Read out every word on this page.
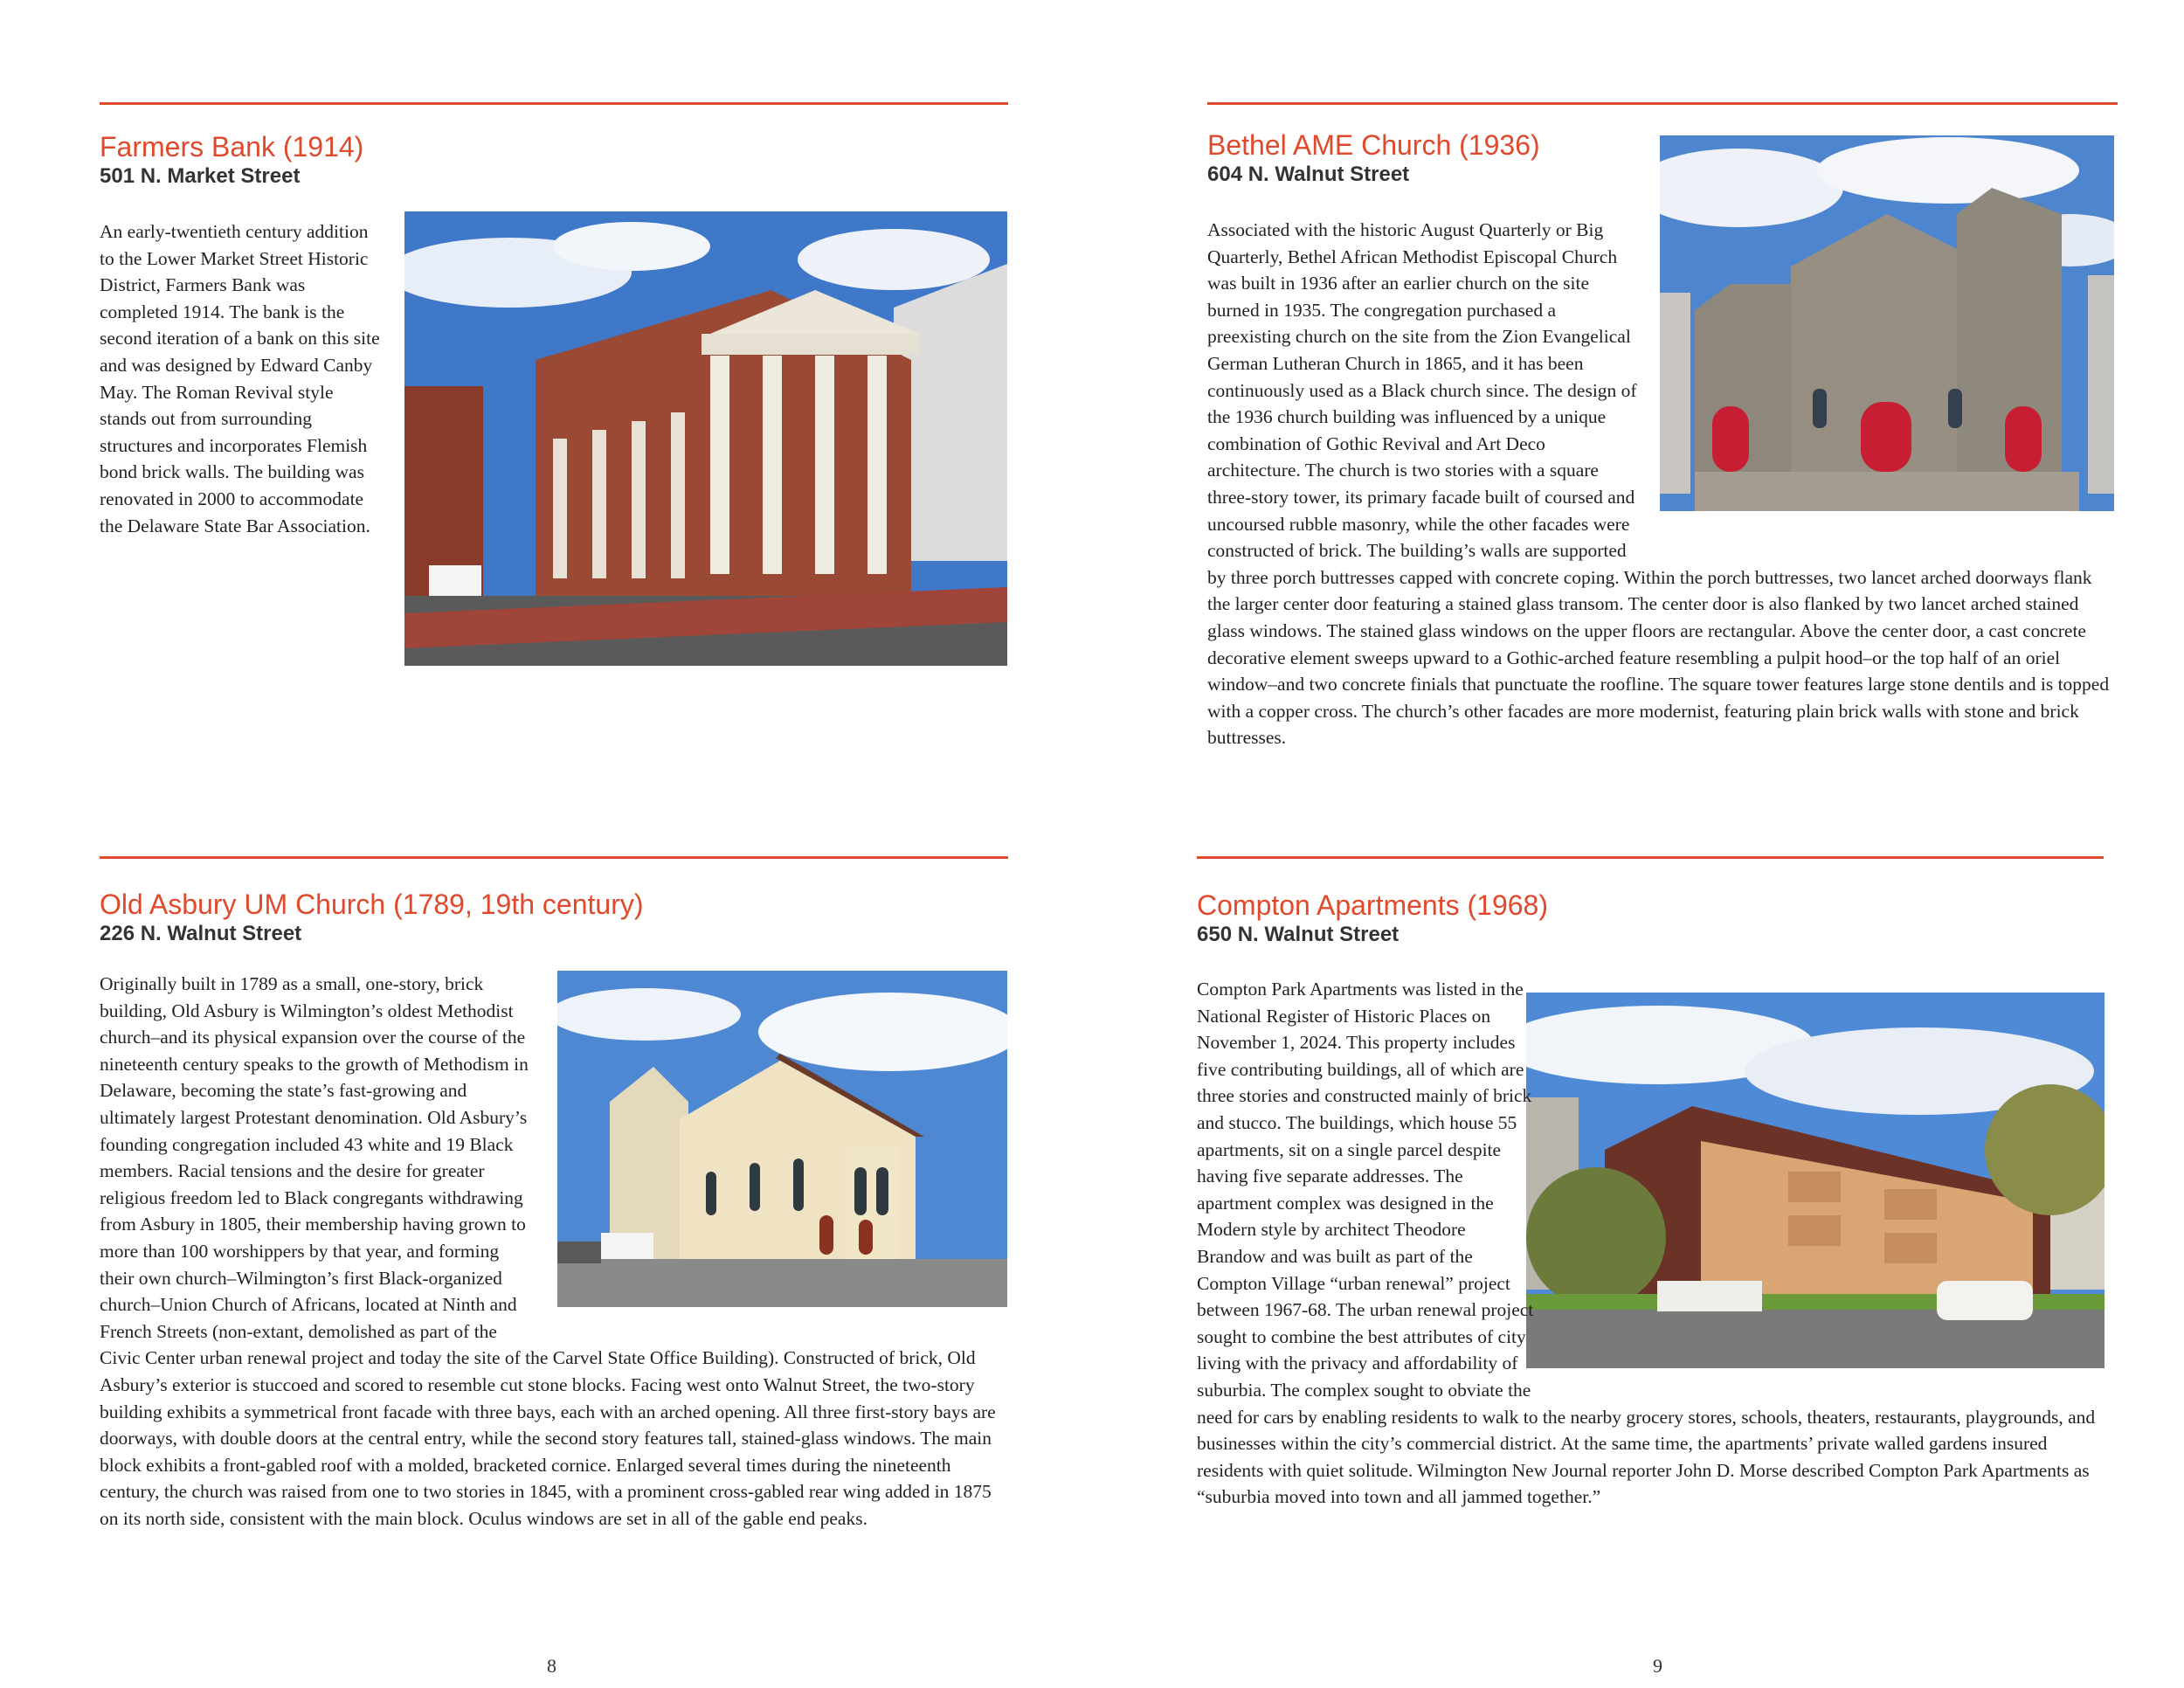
Farmers Bank (1914)
501 N. Market Street
An early-twentieth century addition to the Lower Market Street Historic District, Farmers Bank was completed 1914. The bank is the second iteration of a bank on this site and was designed by Edward Canby May. The Roman Revival style stands out from surrounding structures and incorporates Flemish bond brick walls. The building was renovated in 2000 to accommodate the Delaware State Bar Association.
Bethel AME Church (1936)
604 N. Walnut Street
Associated with the historic August Quarterly or Big Quarterly, Bethel African Methodist Episcopal Church was built in 1936 after an earlier church on the site burned in 1935. The congregation purchased a preexisting church on the site from the Zion Evangelical German Lutheran Church in 1865, and it has been continuously used as a Black church since. The design of the 1936 church building was influenced by a unique combination of Gothic Revival and Art Deco architecture. The church is two stories with a square three-story tower, its primary facade built of coursed and uncoursed rubble masonry, while the other facades were constructed of brick. The building’s walls are supported by three porch buttresses capped with concrete coping. Within the porch buttresses, two lancet arched doorways flank the larger center door featuring a stained glass transom. The center door is also flanked by two lancet arched stained glass windows. The stained glass windows on the upper floors are rectangular. Above the center door, a cast concrete decorative element sweeps upward to a Gothic-arched feature resembling a pulpit hood–or the top half of an oriel window–and two concrete finials that punctuate the roofline. The square tower features large stone dentils and is topped with a copper cross. The church’s other facades are more modernist, featuring plain brick walls with stone and brick buttresses.
Old Asbury UM Church (1789, 19th century)
226 N. Walnut Street
Originally built in 1789 as a small, one-story, brick building, Old Asbury is Wilmington’s oldest Methodist church–and its physical expansion over the course of the nineteenth century speaks to the growth of Methodism in Delaware, becoming the state’s fast-growing and ultimately largest Protestant denomination. Old Asbury’s founding congregation included 43 white and 19 Black members. Racial tensions and the desire for greater religious freedom led to Black congregants withdrawing from Asbury in 1805, their membership having grown to more than 100 worshippers by that year, and forming their own church–Wilmington’s first Black-organized church–Union Church of Africans, located at Ninth and French Streets (non-extant, demolished as part of the Civic Center urban renewal project and today the site of the Carvel State Office Building). Constructed of brick, Old Asbury’s exterior is stuccoed and scored to resemble cut stone blocks. Facing west onto Walnut Street, the two-story building exhibits a symmetrical front facade with three bays, each with an arched opening. All three first-story bays are doorways, with double doors at the central entry, while the second story features tall, stained-glass windows. The main block exhibits a front-gabled roof with a molded, bracketed cornice. Enlarged several times during the nineteenth century, the church was raised from one to two stories in 1845, with a prominent cross-gabled rear wing added in 1875 on its north side, consistent with the main block. Oculus windows are set in all of the gable end peaks.
Compton Apartments (1968)
650 N. Walnut Street
Compton Park Apartments was listed in the National Register of Historic Places on November 1, 2024. This property includes five contributing buildings, all of which are three stories and constructed mainly of brick and stucco. The buildings, which house 55 apartments, sit on a single parcel despite having five separate addresses. The apartment complex was designed in the Modern style by architect Theodore Brandow and was built as part of the Compton Village “urban renewal” project between 1967-68. The urban renewal project sought to combine the best attributes of city living with the privacy and affordability of suburbia. The complex sought to obviate the need for cars by enabling residents to walk to the nearby grocery stores, schools, theaters, restaurants, playgrounds, and businesses within the city’s commercial district. At the same time, the apartments’ private walled gardens insured residents with quiet solitude. Wilmington New Journal reporter John D. Morse described Compton Park Apartments as “suburbia moved into town and all jammed together.”
8	9
